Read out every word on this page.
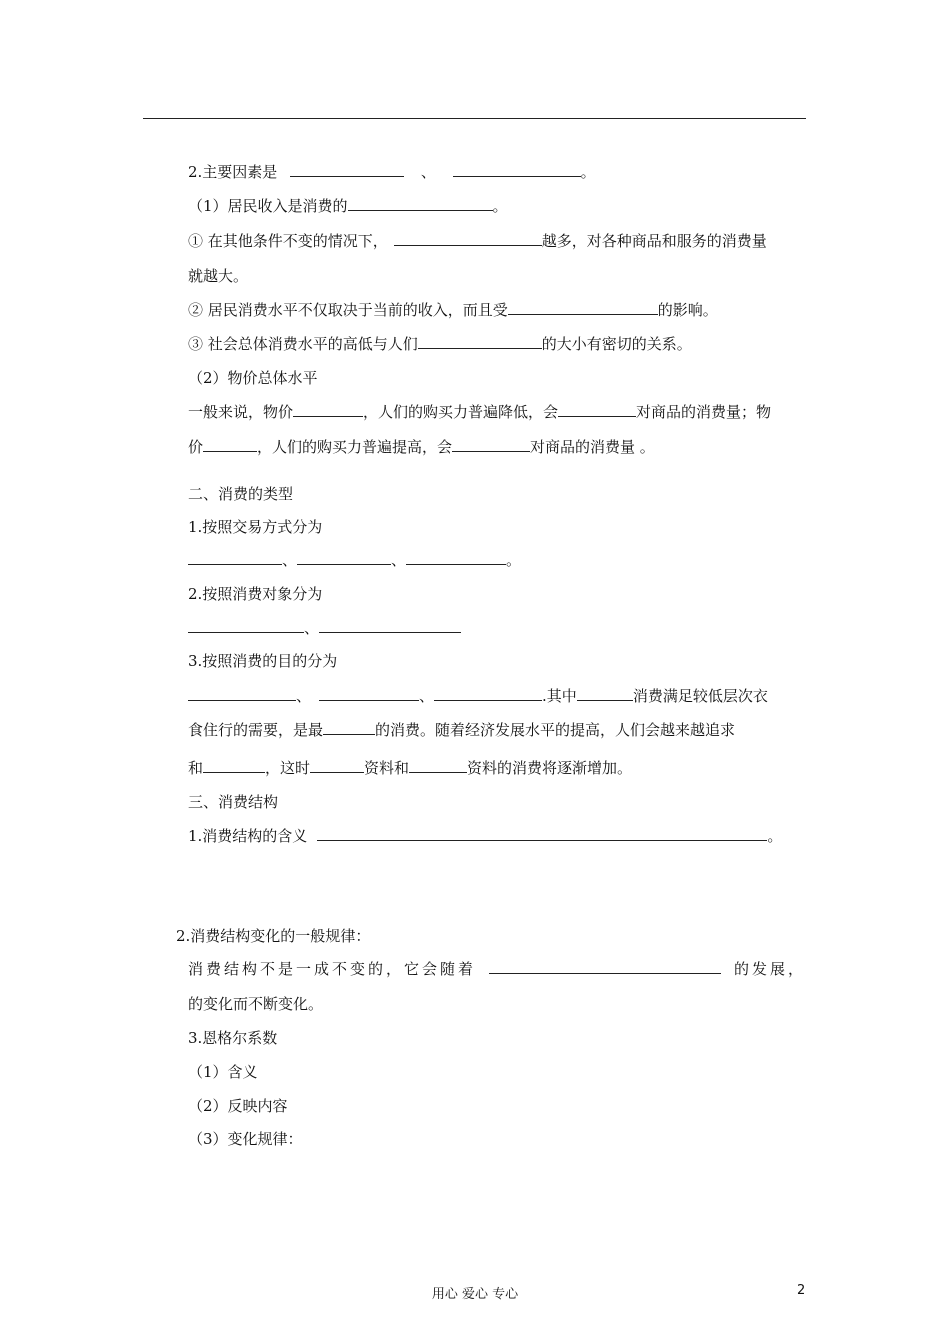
2.主要因素是	、	。
（1）居民收入是消费的	。
① 在其他条件不变的情况下，	越多，对各种商品和服务的消费量
就越大。
② 居民消费水平不仅取决于当前的收入，而且受	的影响。
③ 社会总体消费水平的高低与人们	的大小有密切的关系。
（2）物价总体水平
一般来说，物价	，人们的购买力普遍降低，会	对商品的消费量；物
价	，人们的购买力普遍提高，会	对商品的消费量 。
二、消费的类型
1.按照交易方式分为
、	、	。
2.按照消费对象分为
、
3.按照消费的目的分为
、	、	.其中	消费满足较低层次衣
食住行的需要，是最	的消费。随着经济发展水平的提高，人们会越来越追求
和	，这时	资料和	资料的消费将逐渐增加。
三、消费结构
1.消费结构的含义	。
2.消费结构变化的一般规律：
消费结构不是一成不变的，它会随着	的发展，
的变化而不断变化。
3.恩格尔系数
（1）含义
（2）反映内容
（3）变化规律：
用心 爱心 专心	2
